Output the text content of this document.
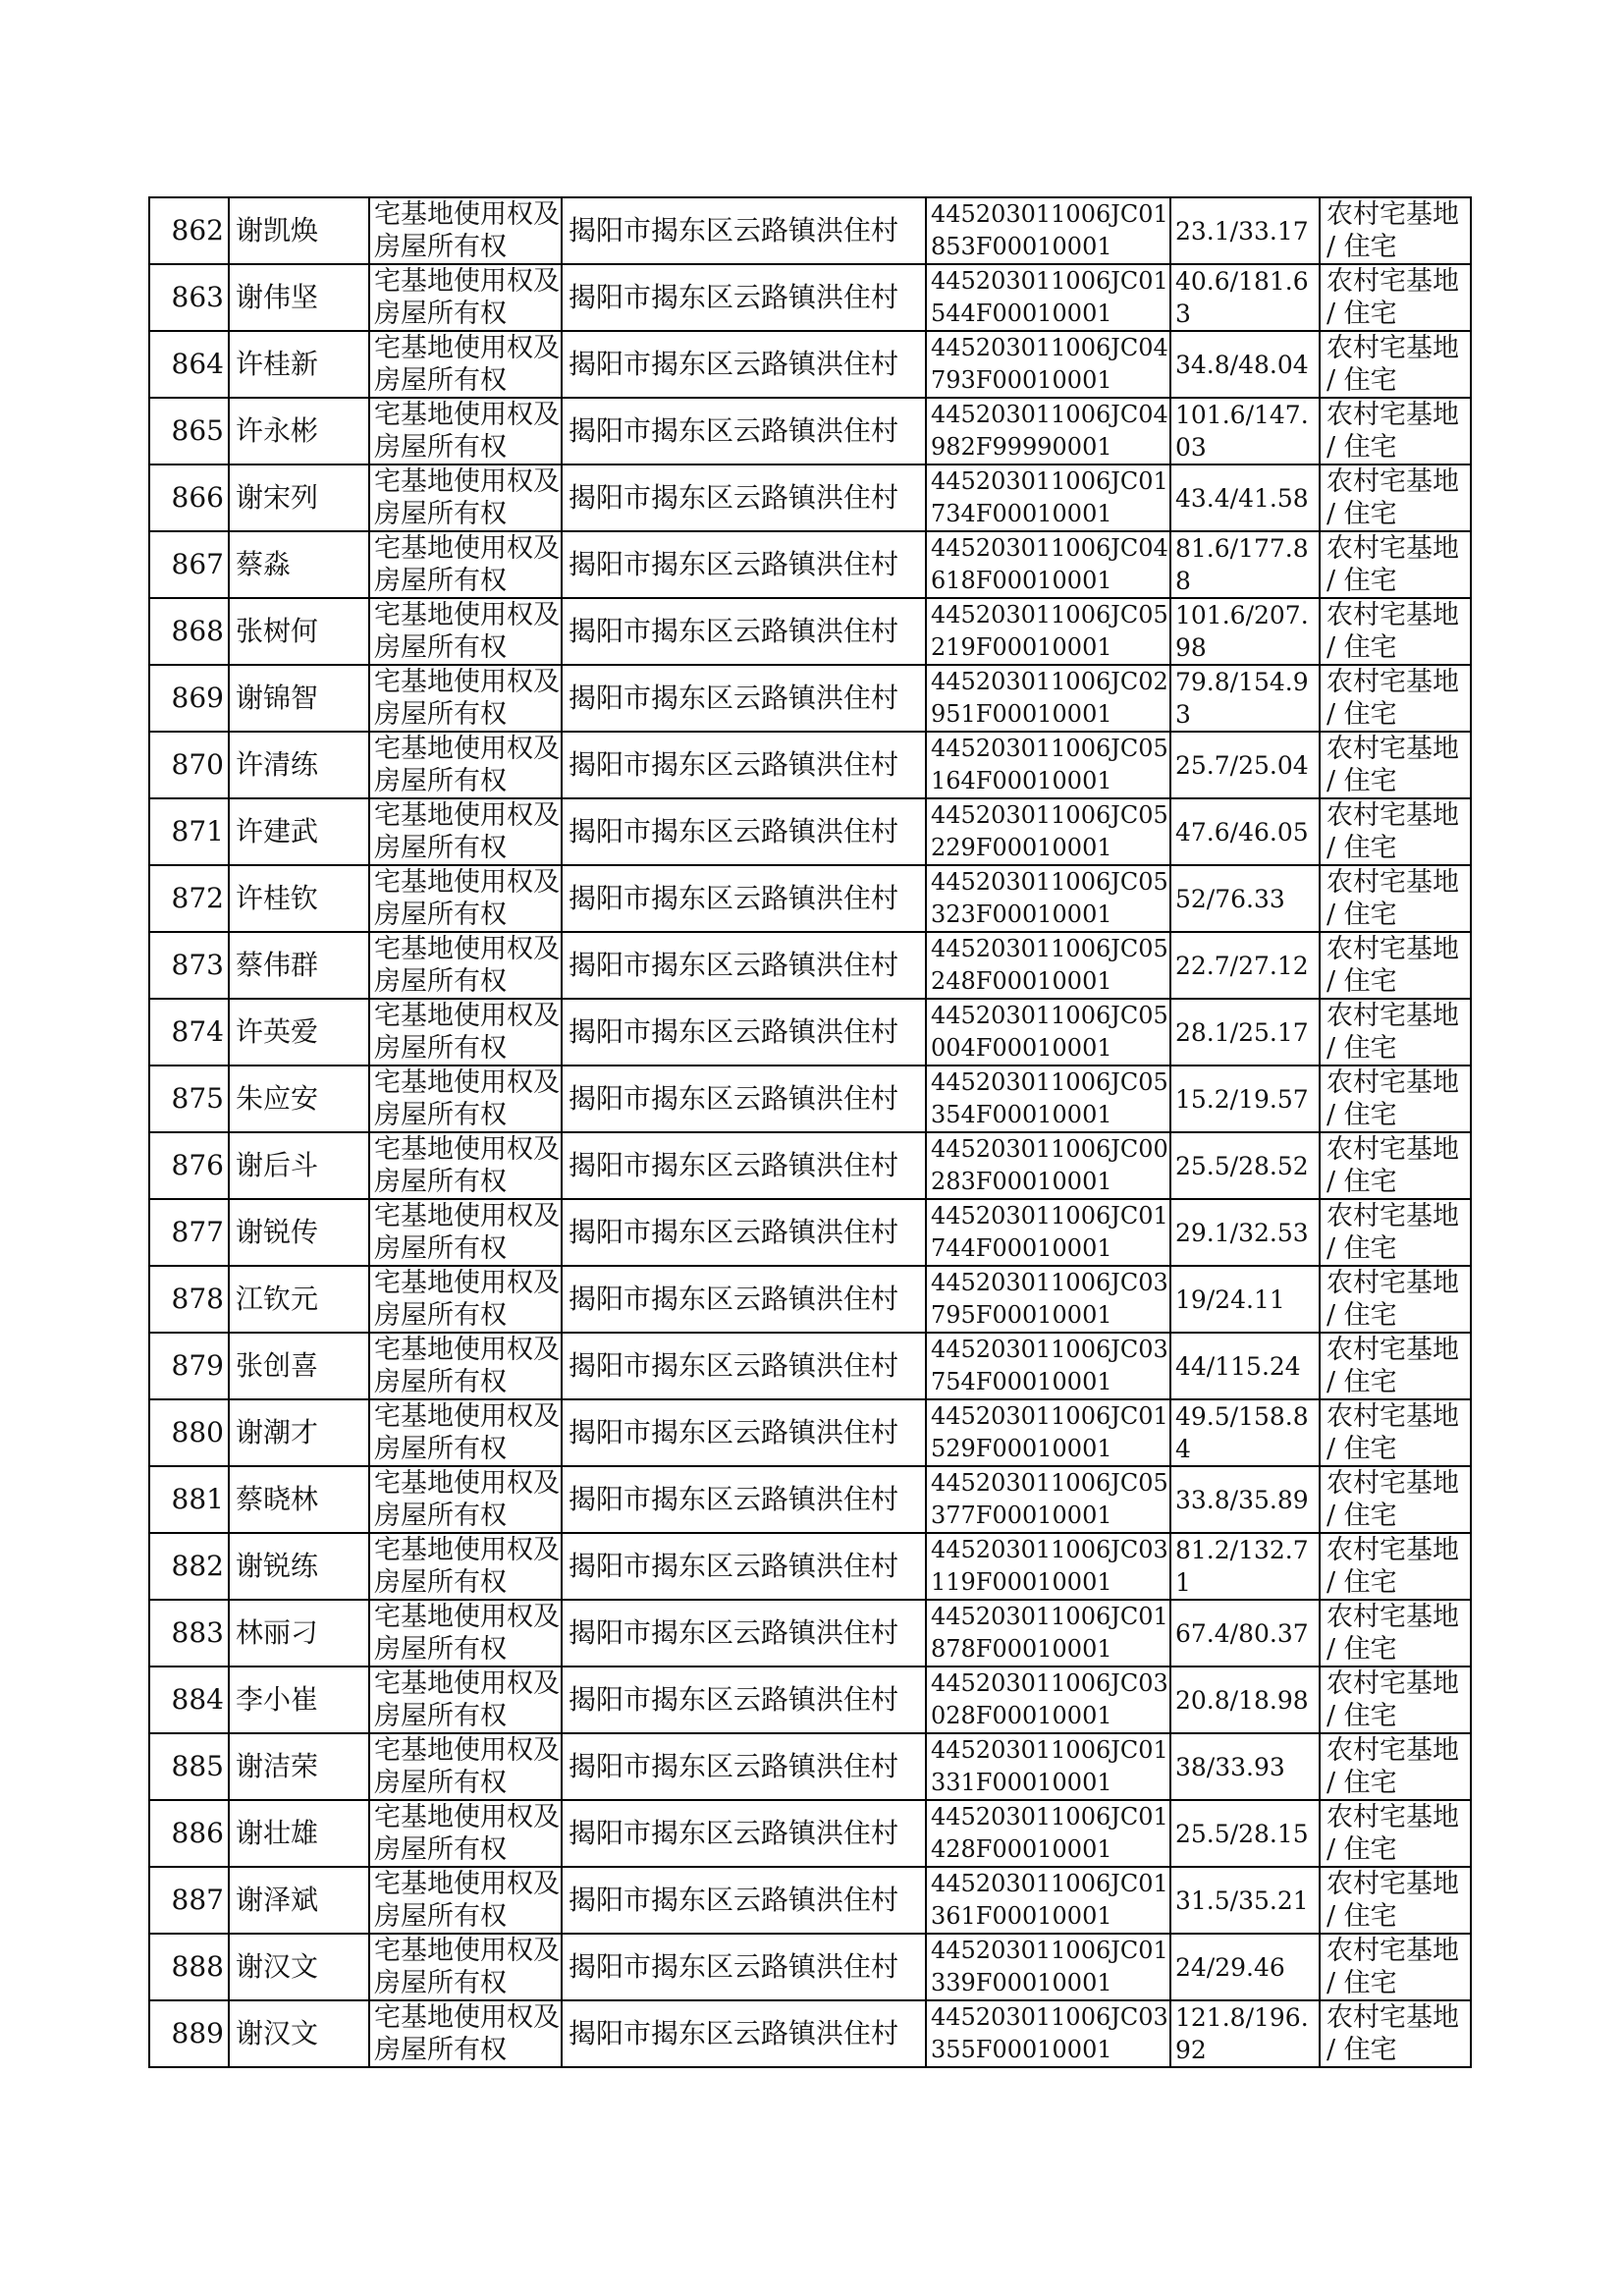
862	谢凯焕	宅基地使用权及房屋所有权	揭阳市揭东区云路镇洪住村	445203011006JC01853F00010001	23.1/33.17	农村宅基地 / 住宅

863	谢伟坚	宅基地使用权及房屋所有权	揭阳市揭东区云路镇洪住村	445203011006JC01544F00010001	40.6/181.63	农村宅基地 / 住宅

864	许桂新	宅基地使用权及房屋所有权	揭阳市揭东区云路镇洪住村	445203011006JC04793F00010001	34.8/48.04	农村宅基地 / 住宅

865	许永彬	宅基地使用权及房屋所有权	揭阳市揭东区云路镇洪住村	445203011006JC04982F99990001	101.6/147.03	农村宅基地 / 住宅

866	谢宋列	宅基地使用权及房屋所有权	揭阳市揭东区云路镇洪住村	445203011006JC01734F00010001	43.4/41.58	农村宅基地 / 住宅

867	蔡淼	宅基地使用权及房屋所有权	揭阳市揭东区云路镇洪住村	445203011006JC04618F00010001	81.6/177.88	农村宅基地 / 住宅

868	张树何	宅基地使用权及房屋所有权	揭阳市揭东区云路镇洪住村	445203011006JC05219F00010001	101.6/207.98	农村宅基地 / 住宅

869	谢锦智	宅基地使用权及房屋所有权	揭阳市揭东区云路镇洪住村	445203011006JC02951F00010001	79.8/154.93	农村宅基地 / 住宅

870	许清练	宅基地使用权及房屋所有权	揭阳市揭东区云路镇洪住村	445203011006JC05164F00010001	25.7/25.04	农村宅基地 / 住宅

871	许建武	宅基地使用权及房屋所有权	揭阳市揭东区云路镇洪住村	445203011006JC05229F00010001	47.6/46.05	农村宅基地 / 住宅

872	许桂钦	宅基地使用权及房屋所有权	揭阳市揭东区云路镇洪住村	445203011006JC05323F00010001	52/76.33	农村宅基地 / 住宅

873	蔡伟群	宅基地使用权及房屋所有权	揭阳市揭东区云路镇洪住村	445203011006JC05248F00010001	22.7/27.12	农村宅基地 / 住宅

874	许英爱	宅基地使用权及房屋所有权	揭阳市揭东区云路镇洪住村	445203011006JC05004F00010001	28.1/25.17	农村宅基地 / 住宅

875	朱应安	宅基地使用权及房屋所有权	揭阳市揭东区云路镇洪住村	445203011006JC05354F00010001	15.2/19.57	农村宅基地 / 住宅

876	谢后斗	宅基地使用权及房屋所有权	揭阳市揭东区云路镇洪住村	445203011006JC00283F00010001	25.5/28.52	农村宅基地 / 住宅

877	谢锐传	宅基地使用权及房屋所有权	揭阳市揭东区云路镇洪住村	445203011006JC01744F00010001	29.1/32.53	农村宅基地 / 住宅

878	江钦元	宅基地使用权及房屋所有权	揭阳市揭东区云路镇洪住村	445203011006JC03795F00010001	19/24.11	农村宅基地 / 住宅

879	张创喜	宅基地使用权及房屋所有权	揭阳市揭东区云路镇洪住村	445203011006JC03754F00010001	44/115.24	农村宅基地 / 住宅

880	谢潮才	宅基地使用权及房屋所有权	揭阳市揭东区云路镇洪住村	445203011006JC01529F00010001	49.5/158.84	农村宅基地 / 住宅

881	蔡晓林	宅基地使用权及房屋所有权	揭阳市揭东区云路镇洪住村	445203011006JC05377F00010001	33.8/35.89	农村宅基地 / 住宅

882	谢锐练	宅基地使用权及房屋所有权	揭阳市揭东区云路镇洪住村	445203011006JC03119F00010001	81.2/132.71	农村宅基地 / 住宅

883	林丽刁	宅基地使用权及房屋所有权	揭阳市揭东区云路镇洪住村	445203011006JC01878F00010001	67.4/80.37	农村宅基地 / 住宅

884	李小崔	宅基地使用权及房屋所有权	揭阳市揭东区云路镇洪住村	445203011006JC03028F00010001	20.8/18.98	农村宅基地 / 住宅

885	谢洁荣	宅基地使用权及房屋所有权	揭阳市揭东区云路镇洪住村	445203011006JC01331F00010001	38/33.93	农村宅基地 / 住宅

886	谢壮雄	宅基地使用权及房屋所有权	揭阳市揭东区云路镇洪住村	445203011006JC01428F00010001	25.5/28.15	农村宅基地 / 住宅

887	谢泽斌	宅基地使用权及房屋所有权	揭阳市揭东区云路镇洪住村	445203011006JC01361F00010001	31.5/35.21	农村宅基地 / 住宅

888	谢汉文	宅基地使用权及房屋所有权	揭阳市揭东区云路镇洪住村	445203011006JC01339F00010001	24/29.46	农村宅基地 / 住宅

889	谢汉文	宅基地使用权及房屋所有权	揭阳市揭东区云路镇洪住村	445203011006JC03355F00010001	121.8/196.92	农村宅基地 / 住宅
